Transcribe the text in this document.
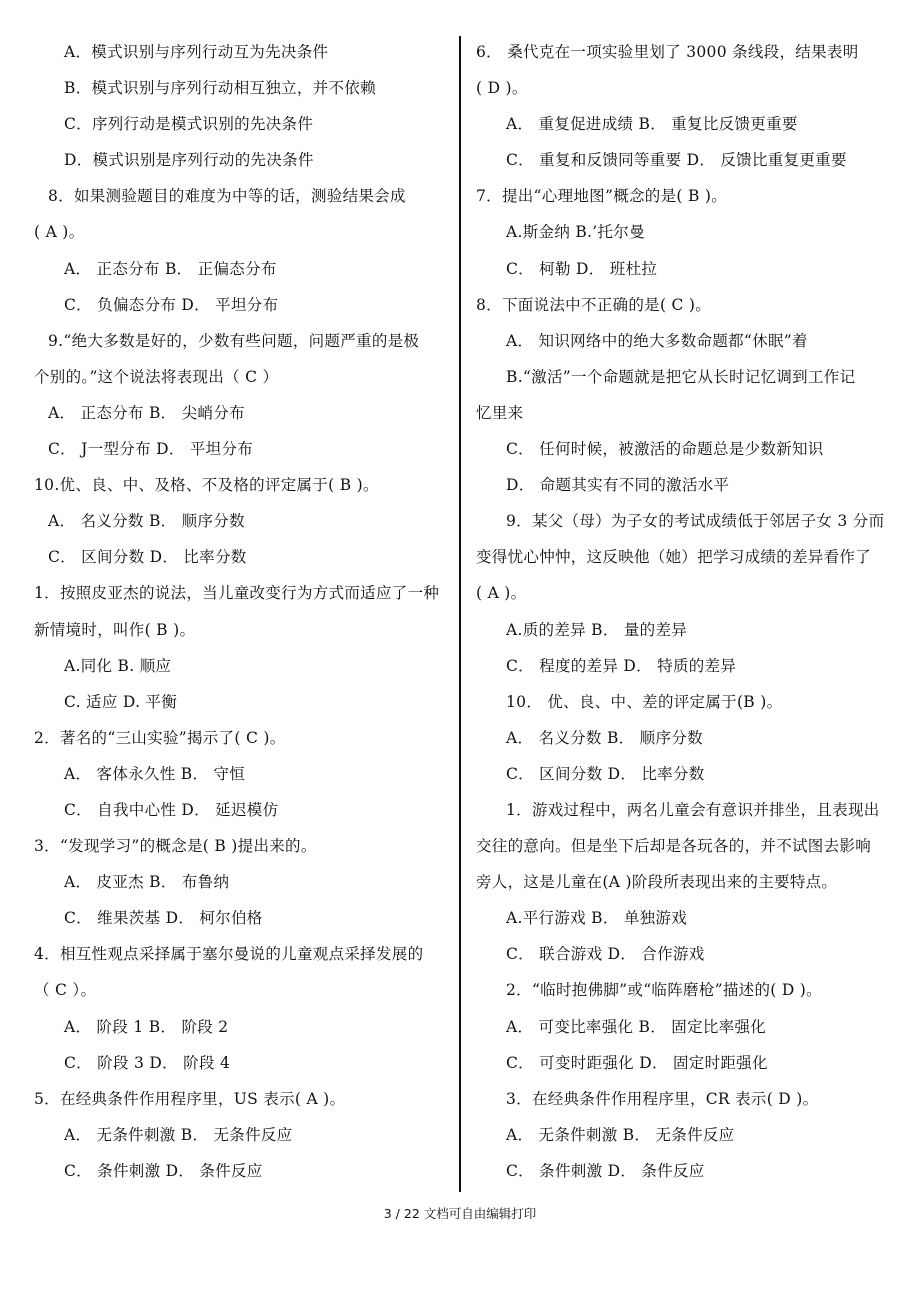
A．模式识别与序列行动互为先决条件
B．模式识别与序列行动相互独立，并不依赖
C．序列行动是模式识别的先决条件
D．模式识别是序列行动的先决条件
8．如果测验题目的难度为中等的话，测验结果会成
( A )。
A． 正态分布 B． 正偏态分布
C． 负偏态分布 D． 平坦分布
9.“绝大多数是好的，少数有些问题，问题严重的是极
个别的。”这个说法将表现出（ C ）
A． 正态分布 B． 尖峭分布
C． J一型分布 D． 平坦分布
10.优、良、中、及格、不及格的评定属于( B )。
A． 名义分数 B． 顺序分数
C． 区间分数 D． 比率分数
1．按照皮亚杰的说法，当儿童改变行为方式而适应了一种
新情境时，叫作( B )。
A.同化 B. 顺应
C. 适应 D. 平衡
2．著名的“三山实验”揭示了( C )。
A． 客体永久性 B． 守恒
C． 自我中心性 D． 延迟模仿
3．“发现学习”的概念是( B )提出来的。
A． 皮亚杰 B． 布鲁纳
C． 维果茨基 D． 柯尔伯格
4．相互性观点采择属于塞尔曼说的儿童观点采择发展的
（ C ）。
A． 阶段 1 B． 阶段 2
C． 阶段 3 D． 阶段 4
5．在经典条件作用程序里，US 表示( A )。
A． 无条件刺激 B． 无条件反应
C． 条件刺激 D． 条件反应
6． 桑代克在一项实验里划了 3000 条线段，结果表明
( D )。
A． 重复促进成绩 B． 重复比反馈更重要
C． 重复和反馈同等重要 D． 反馈比重复更重要
7．提出“心理地图”概念的是( B )。
A.斯金纳 B.’托尔曼
C． 柯勒 D． 班杜拉
8．下面说法中不正确的是( C )。
A． 知识网络中的绝大多数命题都“休眠”着
B.“激活”一个命题就是把它从长时记忆调到工作记
忆里来
C． 任何时候，被激活的命题总是少数新知识
D． 命题其实有不同的激活水平
9．某父（母）为子女的考试成绩低于邻居子女 3 分而
变得忧心忡忡，这反映他（她）把学习成绩的差异看作了
( A )。
A.质的差异 B． 量的差异
C． 程度的差异 D． 特质的差异
10． 优、良、中、差的评定属于(B )。
A． 名义分数 B． 顺序分数
C． 区间分数 D． 比率分数
1．游戏过程中，两名儿童会有意识并排坐，且表现出
交往的意向。但是坐下后却是各玩各的，并不试图去影响
旁人，这是儿童在(A )阶段所表现出来的主要特点。
A.平行游戏 B． 单独游戏
C． 联合游戏 D． 合作游戏
2．“临时抱佛脚”或“临阵磨枪”描述的( D )。
A． 可变比率强化 B． 固定比率强化
C． 可变时距强化 D． 固定时距强化
3．在经典条件作用程序里，CR 表示( D )。
A． 无条件刺激 B． 无条件反应
C． 条件刺激 D． 条件反应
3 / 22 文档可自由编辑打印
